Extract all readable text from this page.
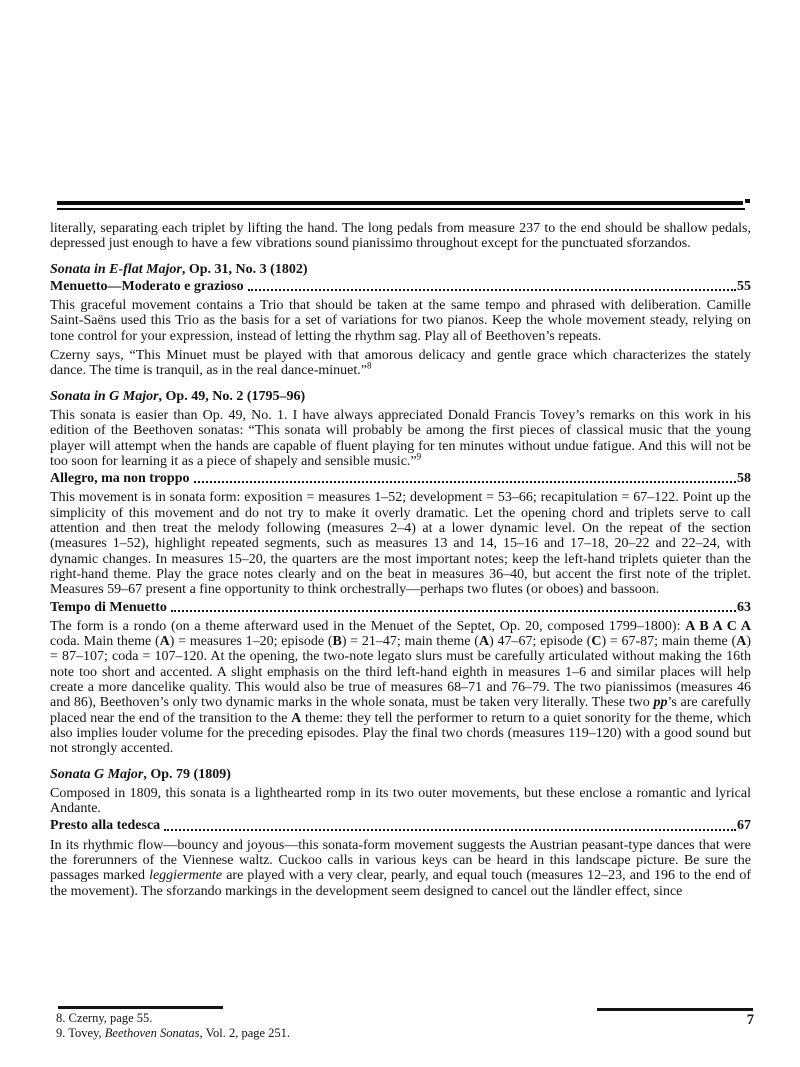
literally, separating each triplet by lifting the hand. The long pedals from measure 237 to the end should be shallow pedals, depressed just enough to have a few vibrations sound pianissimo throughout except for the punctuated sforzandos.

Sonata in E-flat Major, Op. 31, No. 3 (1802)

Menuetto—Moderato e grazioso	55

This graceful movement contains a Trio that should be taken at the same tempo and phrased with deliberation. Camille Saint-Saëns used this Trio as the basis for a set of variations for two pianos. Keep the whole movement steady, relying on tone control for your expression, instead of letting the rhythm sag. Play all of Beethoven’s repeats.

Czerny says, “This Minuet must be played with that amorous delicacy and gentle grace which characterizes the stately dance. The time is tranquil, as in the real dance-minuet.”$^8$

Sonata in G Major, Op. 49, No. 2 (1795–96)

This sonata is easier than Op. 49, No. 1. I have always appreciated Donald Francis Tovey’s remarks on this work in his edition of the Beethoven sonatas: “This sonata will probably be among the first pieces of classical music that the young player will attempt when the hands are capable of fluent playing for ten minutes without undue fatigue. And this will not be too soon for learning it as a piece of shapely and sensible music.”$^9$

Allegro, ma non troppo	58

This movement is in sonata form: exposition = measures 1–52; development = 53–66; recapitulation = 67–122. Point up the simplicity of this movement and do not try to make it overly dramatic. Let the opening chord and triplets serve to call attention and then treat the melody following (measures 2–4) at a lower dynamic level. On the repeat of the section (measures 1–52), highlight repeated segments, such as measures 13 and 14, 15–16 and 17–18, 20–22 and 22–24, with dynamic changes. In measures 15–20, the quarters are the most important notes; keep the left-hand triplets quieter than the right-hand theme. Play the grace notes clearly and on the beat in measures 36–40, but accent the first note of the triplet. Measures 59–67 present a fine opportunity to think orchestrally—perhaps two flutes (or oboes) and bassoon.

Tempo di Menuetto	63

The form is a rondo (on a theme afterward used in the Menuet of the Septet, Op. 20, composed 1799–1800): A B A C A coda. Main theme (A) = measures 1–20; episode (B) = 21–47; main theme (A) 47–67; episode (C) = 67-87; main theme (A) = 87–107; coda = 107–120. At the opening, the two-note legato slurs must be carefully articulated without making the 16th note too short and accented. A slight emphasis on the third left-hand eighth in measures 1–6 and similar places will help create a more dancelike quality. This would also be true of measures 68–71 and 76–79. The two pianissimos (measures 46 and 86), Beethoven’s only two dynamic marks in the whole sonata, must be taken very literally. These two pp’s are carefully placed near the end of the transition to the A theme: they tell the performer to return to a quiet sonority for the theme, which also implies louder volume for the preceding episodes. Play the final two chords (measures 119–120) with a good sound but not strongly accented.

Sonata G Major, Op. 79 (1809)

Composed in 1809, this sonata is a lighthearted romp in its two outer movements, but these enclose a romantic and lyrical Andante.

Presto alla tedesca	67

In its rhythmic flow—bouncy and joyous—this sonata-form movement suggests the Austrian peasant-type dances that were the forerunners of the Viennese waltz. Cuckoo calls in various keys can be heard in this landscape picture. Be sure the passages marked leggiermente are played with a very clear, pearly, and equal touch (measures 12–23, and 196 to the end of the movement). The sforzando markings in the development seem designed to cancel out the ländler effect, since

8. Czerny, page 55.

9. Tovey, Beethoven Sonatas, Vol. 2, page 251.

7
